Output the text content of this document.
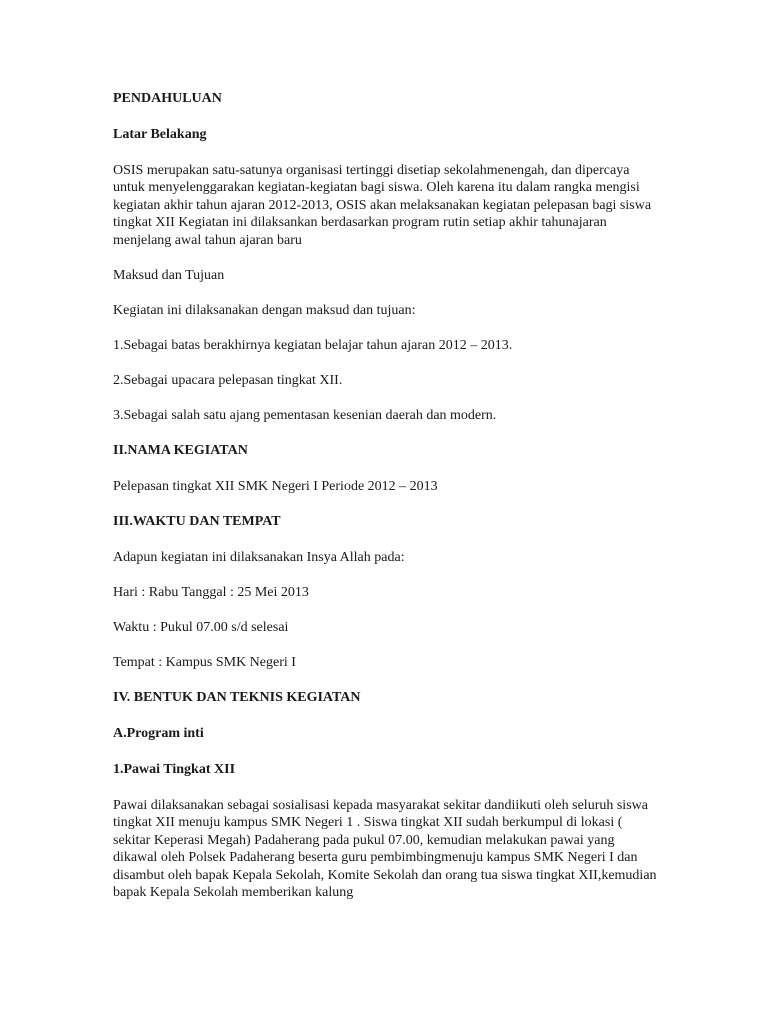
PENDAHULUAN

Latar Belakang

OSIS merupakan satu-satunya organisasi tertinggi disetiap sekolahmenengah, dan dipercaya untuk menyelenggarakan kegiatan-kegiatan bagi siswa. Oleh karena itu dalam rangka mengisi kegiatan akhir tahun ajaran 2012-2013, OSIS akan melaksanakan kegiatan pelepasan bagi siswa tingkat XII Kegiatan ini dilaksankan berdasarkan program rutin setiap akhir tahunajaran menjelang awal tahun ajaran baru

Maksud dan Tujuan

Kegiatan ini dilaksanakan dengan maksud dan tujuan:

1.Sebagai batas berakhirnya kegiatan belajar tahun ajaran 2012 – 2013.

2.Sebagai upacara pelepasan tingkat XII.

3.Sebagai salah satu ajang pementasan kesenian daerah dan modern.

II.NAMA KEGIATAN

Pelepasan tingkat XII SMK Negeri I Periode 2012 – 2013

III.WAKTU DAN TEMPAT

Adapun kegiatan ini dilaksanakan Insya Allah pada:

Hari : Rabu Tanggal : 25 Mei 2013

Waktu : Pukul 07.00 s/d selesai

Tempat : Kampus SMK Negeri I

IV. BENTUK DAN TEKNIS KEGIATAN

A.Program inti

1.Pawai Tingkat XII

Pawai dilaksanakan sebagai sosialisasi kepada masyarakat sekitar dandiikuti oleh seluruh siswa tingkat XII menuju kampus SMK Negeri 1 . Siswa tingkat XII sudah berkumpul di lokasi ( sekitar Keperasi Megah) Padaherang pada pukul 07.00, kemudian melakukan pawai yang dikawal oleh Polsek Padaherang beserta guru pembimbingmenuju kampus SMK Negeri I dan disambut oleh bapak Kepala Sekolah, Komite Sekolah dan orang tua siswa tingkat XII,kemudian bapak Kepala Sekolah memberikan kalung
